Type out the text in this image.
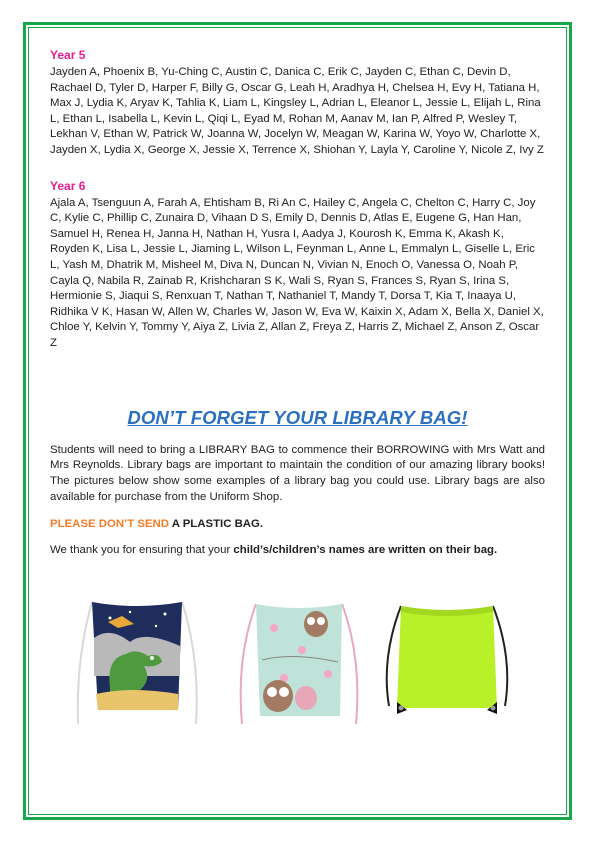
Year 5

Jayden A, Phoenix B, Yu-Ching C, Austin C, Danica C, Erik C, Jayden C, Ethan C, Devin D, Rachael D, Tyler D, Harper F, Billy G, Oscar G, Leah H, Aradhya H, Chelsea H, Evy H, Tatiana H, Max J, Lydia K, Aryav K, Tahlia K, Liam L, Kingsley L, Adrian L, Eleanor L, Jessie L, Elijah L, Rina L, Ethan L, Isabella L, Kevin L, Qiqi L, Eyad M, Rohan M, Aanav M, Ian P, Alfred P, Wesley T, Lekhan V, Ethan W, Patrick W, Joanna W, Jocelyn W, Meagan W, Karina W, Yoyo W, Charlotte X, Jayden X, Lydia X, George X, Jessie X, Terrence X, Shiohan Y, Layla Y, Caroline Y, Nicole Z, Ivy Z

Year 6

Ajala A, Tsenguun A, Farah A, Ehtisham B, Ri An C, Hailey C, Angela C, Chelton C, Harry C, Joy C, Kylie C, Phillip C, Zunaira D, Vihaan D S, Emily D, Dennis D, Atlas E, Eugene G, Han Han, Samuel H, Renea H, Janna H, Nathan H, Yusra I, Aadya J, Kourosh K, Emma K, Akash K, Royden K, Lisa L, Jessie L, Jiaming L, Wilson L, Feynman L, Anne L, Emmalyn L, Giselle L, Eric L, Yash M, Dhatrik M, Misheel M, Diva N, Duncan N, Vivian N, Enoch O, Vanessa O, Noah P, Cayla Q, Nabila R, Zainab R, Krishcharan S K, Wali S, Ryan S, Frances S, Ryan S, Irina S, Hermionie S, Jiaqui S, Renxuan T, Nathan T, Nathaniel T, Mandy T, Dorsa T, Kia T, Inaaya U, Ridhika V K, Hasan W, Allen W, Charles W, Jason W, Eva W, Kaixin X, Adam X, Bella X, Daniel X, Chloe Y, Kelvin Y, Tommy Y, Aiya Z, Livia Z, Allan Z, Freya Z, Harris Z, Michael Z, Anson Z, Oscar Z

DON’T FORGET YOUR LIBRARY BAG!

Students will need to bring a LIBRARY BAG to commence their BORROWING with Mrs Watt and Mrs Reynolds. Library bags are important to maintain the condition of our amazing library books! The pictures below show some examples of a library bag you could use. Library bags are also available for purchase from the Uniform Shop.

PLEASE DON’T SEND A PLASTIC BAG.
We thank you for ensuring that your child’s/children’s names are written on their bag.
